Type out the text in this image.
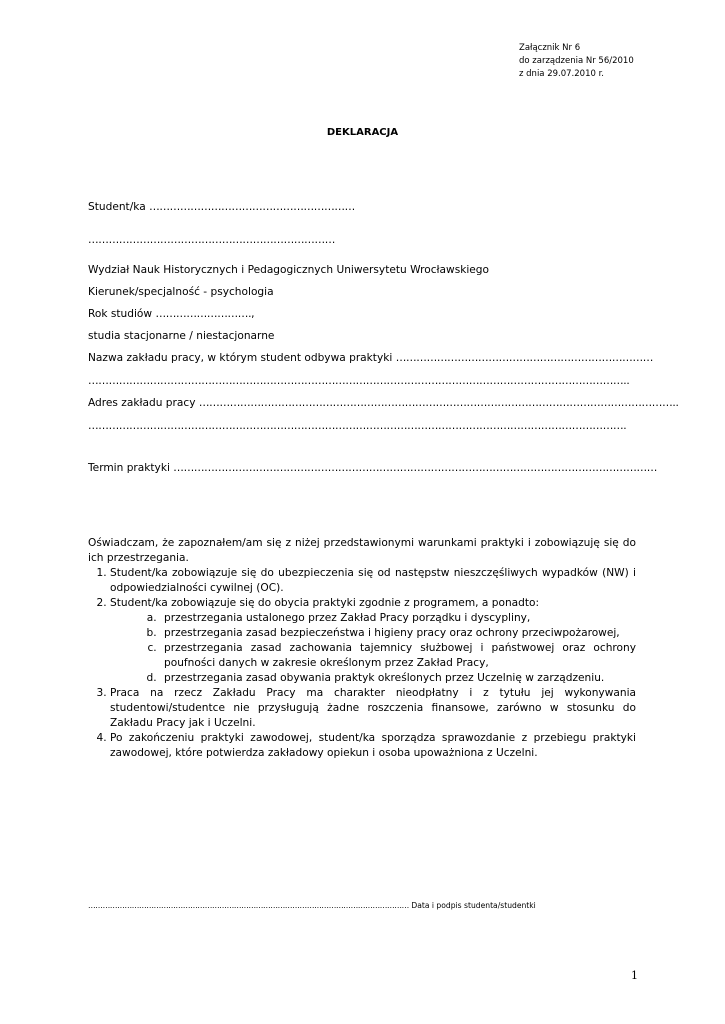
Załącznik Nr 6
do zarządzenia Nr 56/2010
z dnia 29.07.2010 r.
DEKLARACJA
Student/ka ……………………………………………………
………………………………………………………………
Wydział Nauk Historycznych i Pedagogicznych Uniwersytetu Wrocławskiego
Kierunek/specjalność - psychologia
Rok studiów ……………………….,
studia stacjonarne / niestacjonarne
Nazwa zakładu pracy, w którym student odbywa praktyki …………………………………………………………………
…………………………………………………………………………………………………………………………………………..
Adres zakładu pracy …………………………………………………………………………………………………………………………..
………………………………………………………………………………………………………………………………………….
Termin praktyki ……………………………………………………………………………………………………………………………

Oświadczam, że zapoznałem/am się z niżej przedstawionymi warunkami praktyki i zobowiązuję się do ich przestrzegania.

1. Student/ka zobowiązuje się do ubezpieczenia się od następstw nieszczęśliwych wypadków (NW) i odpowiedzialności cywilnej (OC).
2. Student/ka zobowiązuje się do obycia praktyki zgodnie z programem, a ponadto:
a. przestrzegania ustalonego przez Zakład Pracy porządku i dyscypliny,
b. przestrzegania zasad bezpieczeństwa i higieny pracy oraz ochrony przeciwpożarowej,
c. przestrzegania zasad zachowania tajemnicy służbowej i państwowej oraz ochrony poufności danych w zakresie określonym przez Zakład Pracy,
d. przestrzegania zasad obywania praktyk określonych przez Uczelnię w zarządzeniu.
3. Praca na rzecz Zakładu Pracy ma charakter nieodpłatny i z tytułu jej wykonywania studentowi/studentce nie przysługują żadne roszczenia finansowe, zarówno w stosunku do Zakładu Pracy jak i Uczelni.
4. Po zakończeniu praktyki zawodowej, student/ka sporządza sprawozdanie z przebiegu praktyki zawodowej, które potwierdza zakładowy opiekun i osoba upoważniona z Uczelni.
…………………………………………………………………………………………………………………… Data i podpis studenta/studentki
1
